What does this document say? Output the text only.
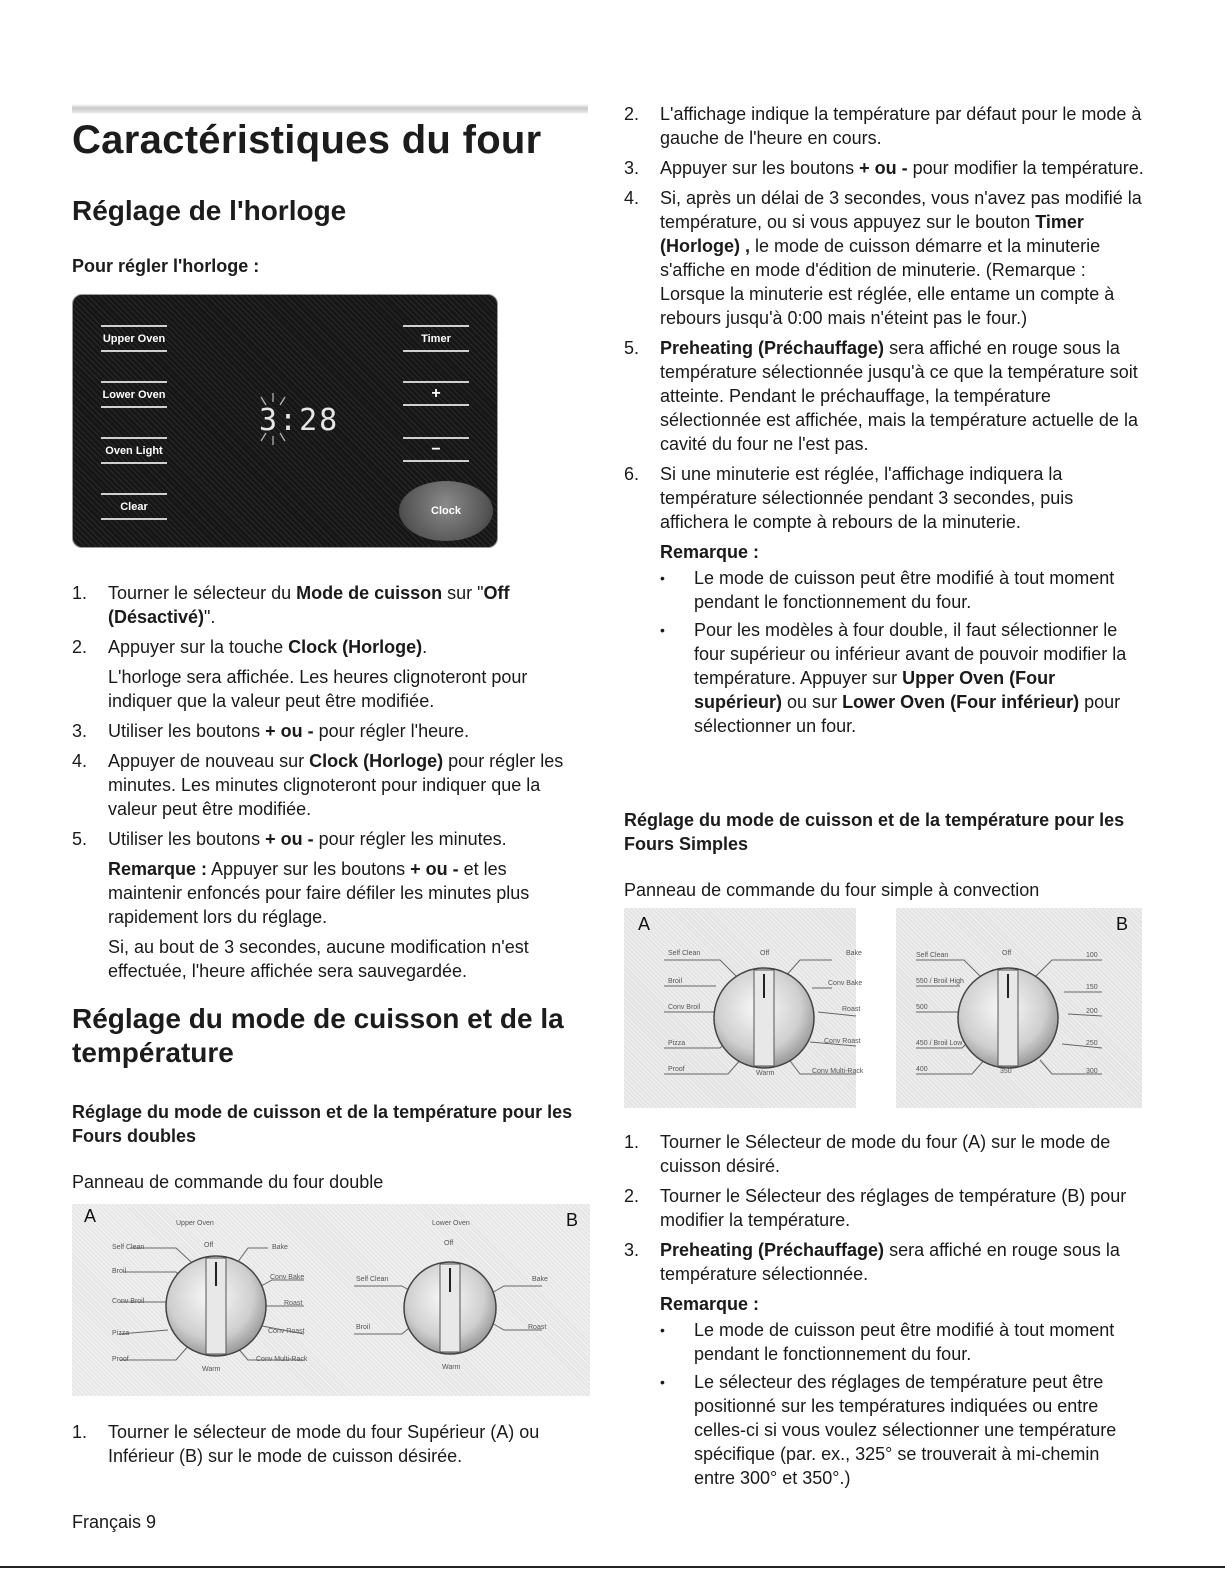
Caractéristiques du four
Réglage de l'horloge
Pour régler l'horloge :
Upper Oven
Lower Oven
Oven Light
Clear
Timer
+
−
Clock
3:28
1. Tourner le sélecteur du Mode de cuisson sur "Off (Désactivé)".
2. Appuyer sur la touche Clock (Horloge).
L'horloge sera affichée. Les heures clignoteront pour indiquer que la valeur peut être modifiée.
3. Utiliser les boutons + ou - pour régler l'heure.
4. Appuyer de nouveau sur Clock (Horloge) pour régler les minutes. Les minutes clignoteront pour indiquer que la valeur peut être modifiée.
5. Utiliser les boutons + ou - pour régler les minutes.
Remarque : Appuyer sur les boutons + ou - et les maintenir enfoncés pour faire défiler les minutes plus rapidement lors du réglage.
Si, au bout de 3 secondes, aucune modification n'est effectuée, l'heure affichée sera sauvegardée.
Réglage du mode de cuisson et de la température
Réglage du mode de cuisson et de la température pour les Fours doubles

Panneau de commande du four double

A	B
Upper Oven
Self Clean	Off	Bake
Broil
Conv Bake
Conv Broil	Roast
Pizza	Conv Roast
Proof
Warm
Conv Multi-Rack
Lower Oven
Off
Self Clean	Bake
Broil	Roast
Warm
1. Tourner le sélecteur de mode du four Supérieur (A) ou Inférieur (B) sur le mode de cuisson désirée.
2. L'affichage indique la température par défaut pour le mode à gauche de l'heure en cours.
3. Appuyer sur les boutons + ou - pour modifier la température.
4. Si, après un délai de 3 secondes, vous n'avez pas modifié la température, ou si vous appuyez sur le bouton Timer (Horloge) , le mode de cuisson démarre et la minuterie s'affiche en mode d'édition de minuterie. (Remarque : Lorsque la minuterie est réglée, elle entame un compte à rebours jusqu'à 0:00 mais n'éteint pas le four.)
5. Preheating (Préchauffage) sera affiché en rouge sous la température sélectionnée jusqu'à ce que la température soit atteinte. Pendant le préchauffage, la température sélectionnée est affichée, mais la température actuelle de la cavité du four ne l'est pas.
6. Si une minuterie est réglée, l'affichage indiquera la température sélectionnée pendant 3 secondes, puis affichera le compte à rebours de la minuterie.
Remarque :
• Le mode de cuisson peut être modifié à tout moment pendant le fonctionnement du four.
• Pour les modèles à four double, il faut sélectionner le four supérieur ou inférieur avant de pouvoir modifier la température. Appuyer sur Upper Oven (Four supérieur) ou sur Lower Oven (Four inférieur) pour sélectionner un four.
Réglage du mode de cuisson et de la température pour les Fours Simples

Panneau de commande du four simple à convection

A	B
Self Clean	Off	Bake
Broil	Conv Bake
Conv Broil	Roast
Pizza	Conv Roast
Proof
Warm	Conv Multi-Rack
Self Clean	Off	100
550 / Broil High
150
500
200
450 / Broil Low	250
400	350	300
1. Tourner le Sélecteur de mode du four (A) sur le mode de cuisson désiré.
2. Tourner le Sélecteur des réglages de température (B) pour modifier la température.
3. Preheating (Préchauffage) sera affiché en rouge sous la température sélectionnée.
Remarque :
• Le mode de cuisson peut être modifié à tout moment pendant le fonctionnement du four.
• Le sélecteur des réglages de température peut être positionné sur les températures indiquées ou entre celles-ci si vous voulez sélectionner une température spécifique (par. ex., 325° se trouverait à mi-chemin entre 300° et 350°.)
Français 9
